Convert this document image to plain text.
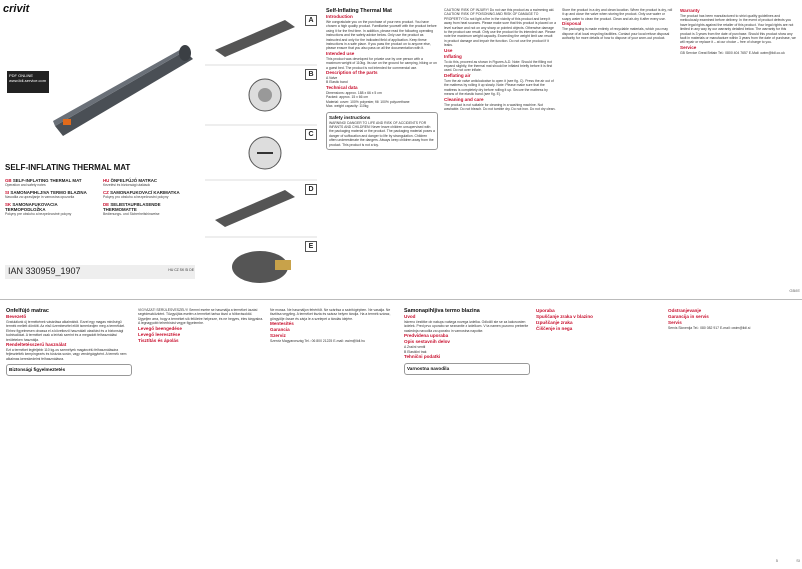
crivit
PDF ONLINE
www.lidl-service.com
SELF-INFLATING THERMAL MAT
GB SELF-INFLATING THERMAL MAT
Operation and safety notes
HU ÖNFELFÚJÓ MATRAC
Kezelési és biztonsági utalások
SI SAMONAPIHLJIVA TERMO BLAZINA
Navodila za upravljanje in varnostna opozorila
CZ SAMONAFUKOVACÍ KARIMATKA
Pokyny pro obsluhu a bezpečnostní pokyny
SK SAMONAFUKOVACIA TERMOPODLOŽKA
Pokyny pre obsluhu a bezpečnostné pokyny
DE SELBSTAUFBLASENDE THERMOMATTE
Bedienungs- und Sicherheitshinweise
IAN 330959_1907	HU CZ SK SI DE
A
B
C
D
E
Self-Inflating Thermal Mat
Introduction
We congratulate you on the purchase of your new product. You have chosen a high quality product. Familiarise yourself with the product before using it for the first time. In addition, please read the following operating instructions and the safety advice below. Only use the product as instructed and only for the indicated field of application. Keep these instructions in a safe place. If you pass the product on to anyone else, please ensure that you also pass on all the documentation with it.
Intended use
This product was developed for private use by one person with a maximum weight of 110kg. Its use on the ground for camping, hiking or on a guest bed. The product is not intended for commercial use.
Description of the parts
A Valve
B Elastic band
Technical data
Dimensions: approx. 188 x 66 x 5 cm
Packed: approx. 15 x 66 cm
Material: cover: 100% polyester, fill: 100% polyurethane
Max. weight capacity: 110kg
Safety instructions
WARNING! DANGER TO LIFE AND RISK OF ACCIDENTS FOR INFANTS AND CHILDREN! Never leave children unsupervised with the packaging material or the product. The packaging material poses a danger of suffocation and danger to life by strangulation. Children often underestimate the dangers. Always keep children away from the product. This product is not a toy.
CAUTION! RISK OF INJURY! Do not use this product as a swimming aid. CAUTION! RISK OF POISONING AND RISK OF DAMAGE TO PROPERTY! Do not light a fire in the vicinity of this product and keep it away from heat sources. Please make sure that this product is placed on a level surface and not on any sharp or pointed objects. Otherwise damage to the product can result. Only use the product for its intended use. Please note the maximum weight capacity. Exceeding the weight limit can result in product damage and impair the function. Do not use the product if it leaks.
Use
Inflating
To do this, proceed as shown in Figures A-D. Note: Should the filling not expand slightly, the thermal mat should be inflated briefly before it is first used. Do not over inflate.
Deflating air
Turn the air valve anticlockwise to open it (see fig. C). Press the air out of the mattress by rolling it up slowly. Note: Please make sure that the mattress is completely dry before rolling it up. Secure the mattress by means of the elastic band (see fig. E).
Cleaning and care
The product is not suitable for cleaning in a washing machine. Not washable. Do not bleach. Do not tumble dry. Do not iron. Do not dry clean.
Store the product in a dry and clean location. When the product is dry, roll it up and close the valve when storing the product. Only use water or soapy water to clean the product. Clean and air-dry it after every use.
Disposal
The packaging is made entirely of recyclable materials, which you may dispose of at local recycling facilities. Contact your local refuse disposal authority for more details of how to dispose of your worn-out product.
Warranty
The product has been manufactured to strict quality guidelines and meticulously examined before delivery. In the event of product defects you have legal rights against the retailer of this product. Your legal rights are not limited in any way by our warranty detailed below. The warranty for this product is 3 years from the date of purchase. Should this product show any fault in materials or manufacture within 3 years from the date of purchase, we will repair or replace it – at our choice – free of charge to you.
Service
GB Service Great Britain Tel.: 0800 404 7657 E-Mail: owim@lidl.co.uk
GB/IE
Önfelfújó matrac
Bevezető
Gratulálunk új termékének vásárlása alkalmából. Ezzel egy magas minőségű termék mellett döntött. Az első üzembevétel előtt ismerkedjen meg a termékkel. Ehhez figyelmesen olvassa el a következő használati utasítást és a biztonsági tudnivalókat. A terméket csak a leírtak szerint és a megadott felhasználási területeken használja.
Rendeltetésszerű használat
Ezt a terméket legfeljebb 110 kg-os személyek magáncélú felhasználására fejlesztették kempingezés és túrázás során, vagy vendégágyként. A termék nem alkalmas kereskedelmi felhasználásra.
Biztonsági figyelmeztetés
VIGYÁZAT! SÉRÜLÉSVESZÉLY! Semmi esetre se használja a terméket úszási segédeszközként. Tűzgyújtás esetén a terméket tartsa távol a hőforrásoktól. Ügyeljen arra, hogy a terméket sík felületre helyezze, és ne hegyes, éles tárgyakra. A legnagyobb teherbírást vegye figyelembe.
Levegő beengedése
Levegő leeresztése
Tisztítás és ápolás
Ne mossa. Ne használjon fehérítőt. Ne szárítsa a szárítógépben. Ne vasalja. Ne tisztítsa vegyileg. A terméket tiszta és száraz helyen tárolja. Ha a termék száraz, göngyölje össze és zárja le a szelepet a tárolás idejére.
Mentesítés
Garancia
Szerviz
Szerviz Magyarország Tel.: 06 800 21225 E-mail: owim@lidl.hu
Samonapihljiva termo blazina
Uvod
Iskreno čestitke ob nakupu vašega novega izdelka. Odločili ste se za kakovosten izdelek. Pred prvo uporabo se seznanite z izdelkom. V ta namen pozorno preberite naslednja navodila za uporabo in varnostna napotke.
Predvidena uporaba
Opis sestavnih delov
A Zračni ventil
B Elastični trak
Tehnični podatki
Varnostna navodila
Uporaba
Spuščanje zraka v blazino
Izpuščanje zraka
Čiščenje in nega
Odstranjevanje
Garancija in servis
Servis
Servis Slovenija Tel.: 080 082 917 E-mail: owim@lidl.si
SI
5
